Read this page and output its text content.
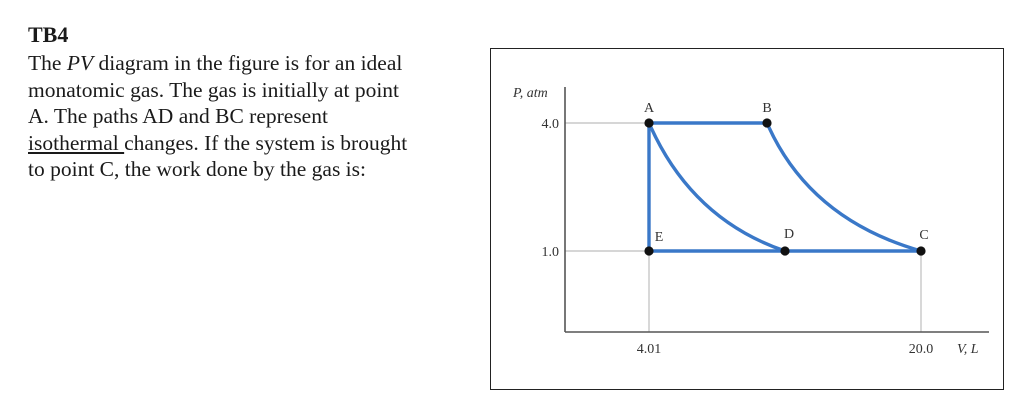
TB4

The PV diagram in the figure is for an ideal
monatomic gas. The gas is initially at point
A. The paths AD and BC represent
isothermal changes. If the system is brought
to point C, the work done by the gas is:

A	B
E	D	C
P, atm
4.0
1.0
4.01	20.0 V, L
